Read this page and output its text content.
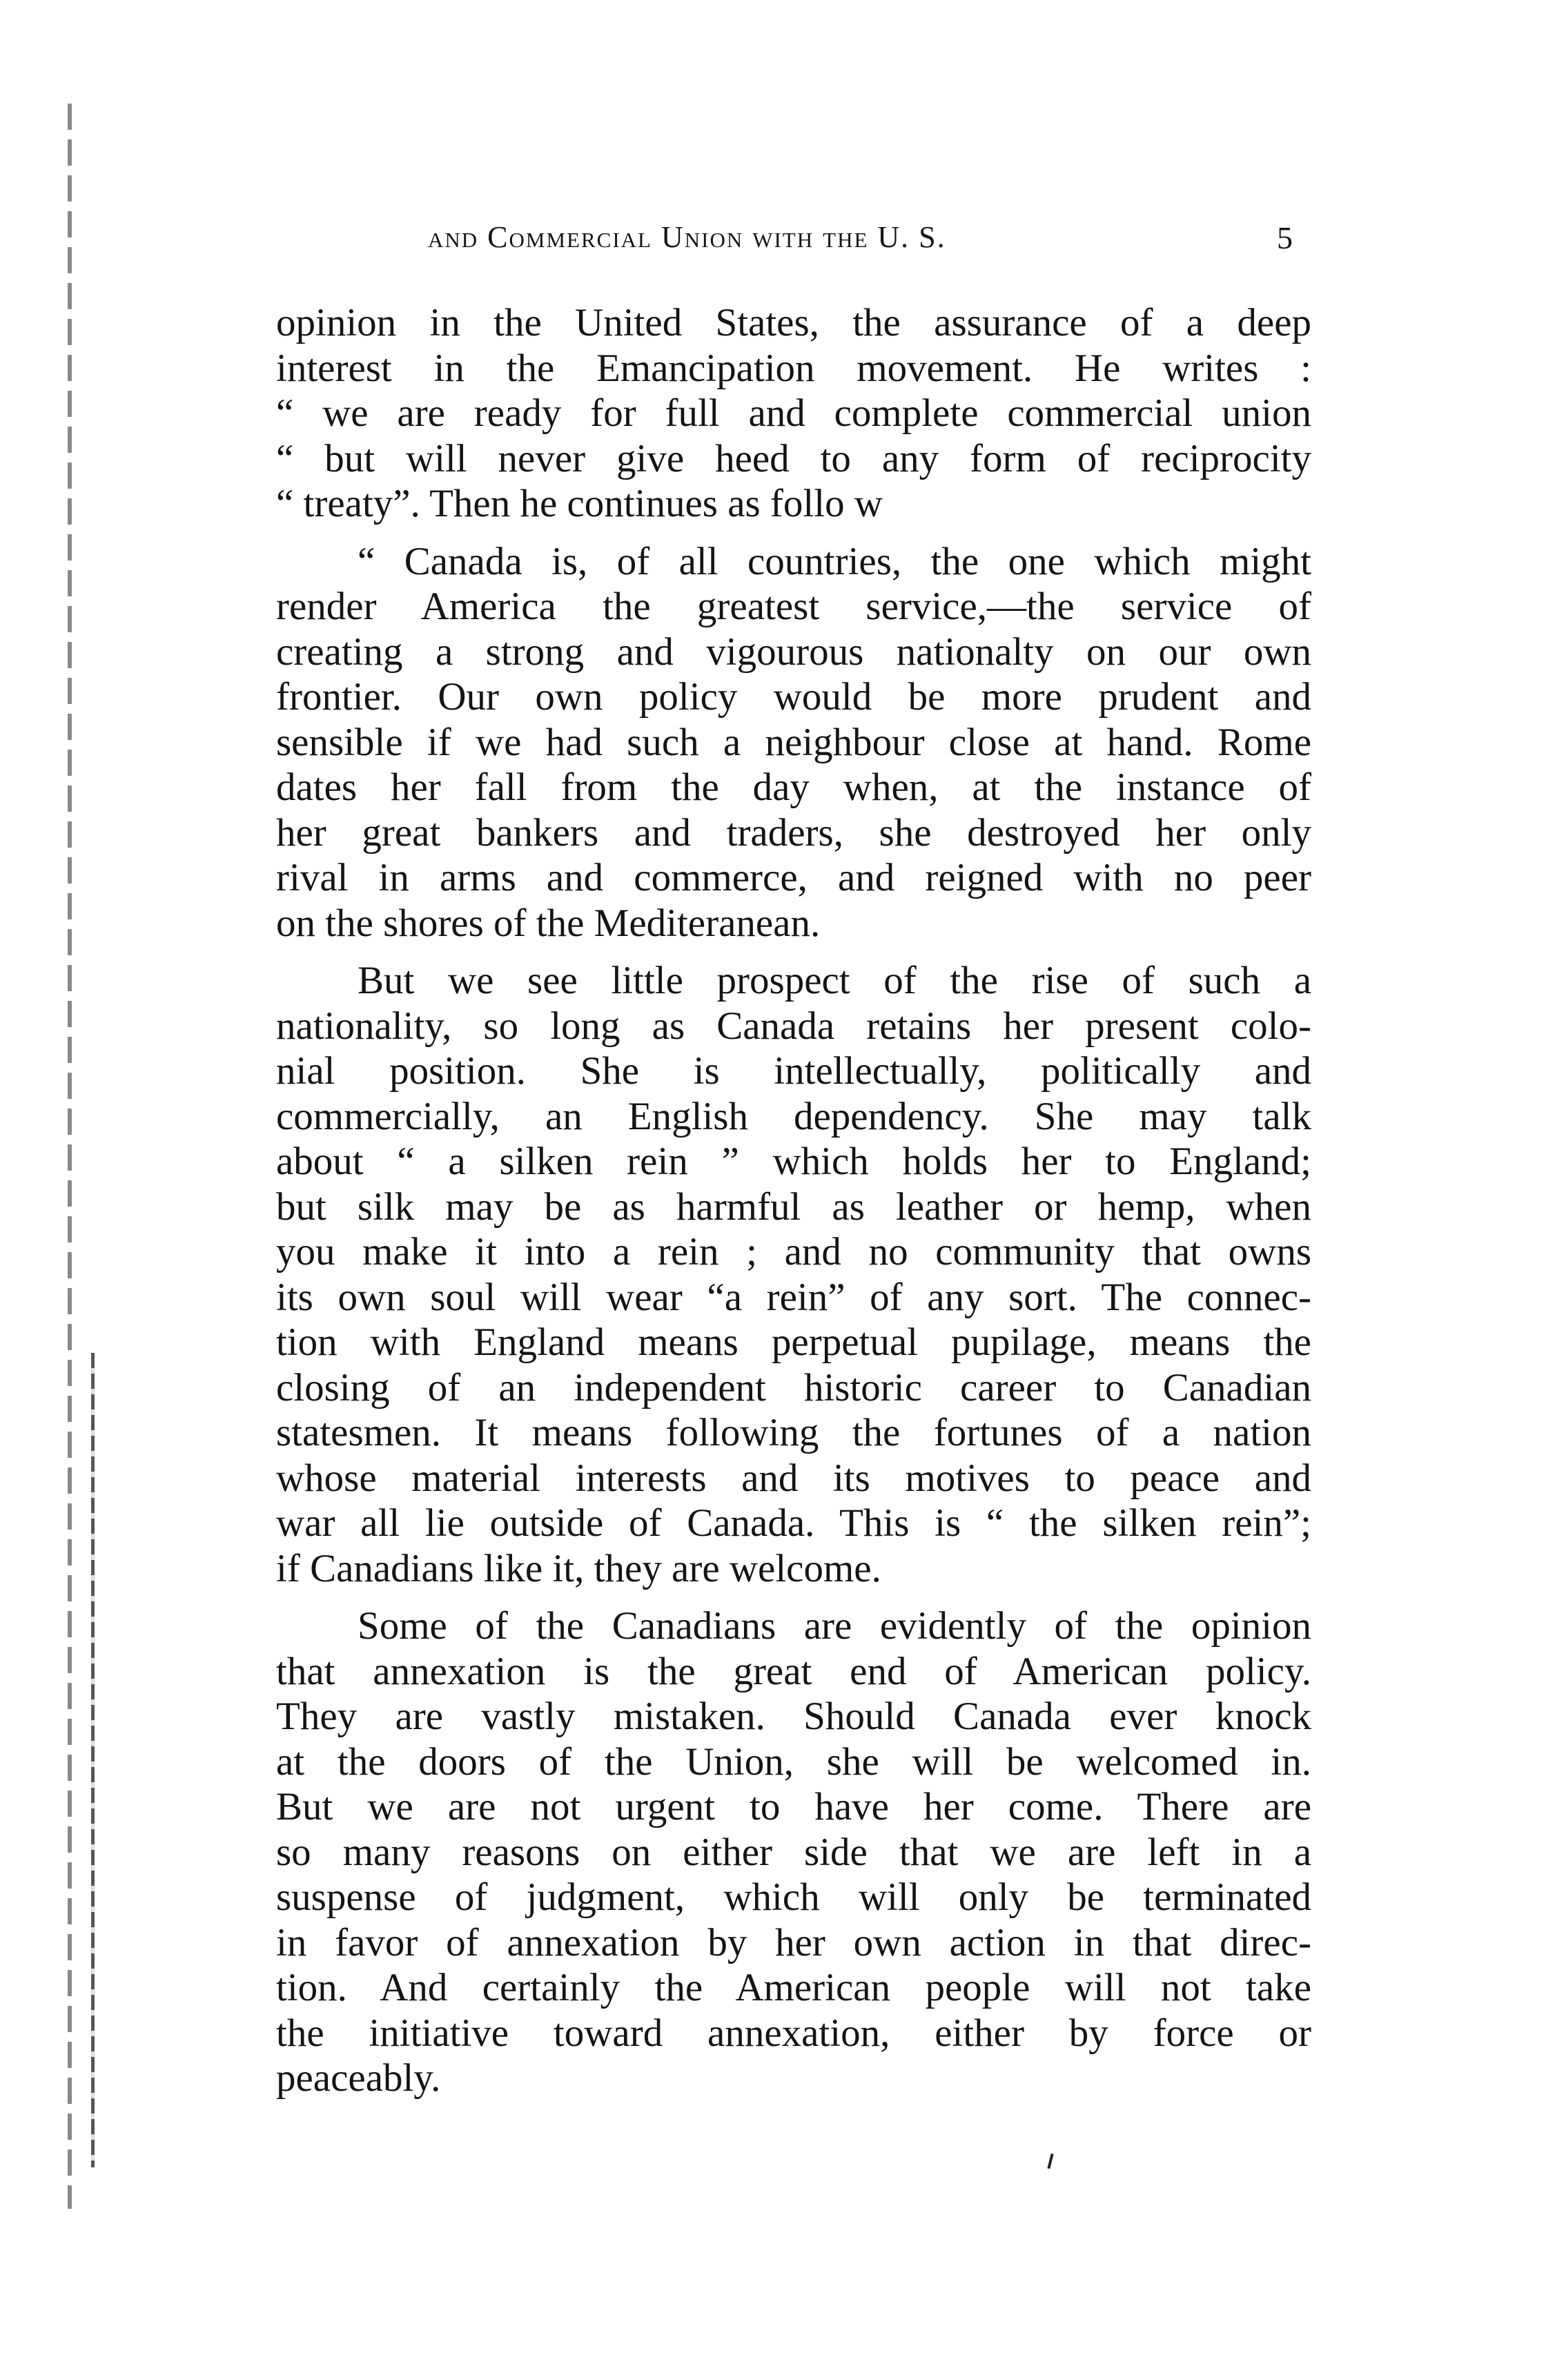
and Commercial Union with the U. S.	5

opinion in the United States, the assurance of a deep
interest in the Emancipation movement. He writes :
“ we are ready for full and complete commercial union
“ but will never give heed to any form of reciprocity
“ treaty”. Then he continues as follo w

“ Canada is, of all countries, the one which might
render America the greatest service,—the service of
creating a strong and vigourous nationalty on our own
frontier. Our own policy would be more prudent and
sensible if we had such a neighbour close at hand. Rome
dates her fall from the day when, at the instance of
her great bankers and traders, she destroyed her only
rival in arms and commerce, and reigned with no peer
on the shores of the Mediteranean.

But we see little prospect of the rise of such a
nationality, so long as Canada retains her present colo-
nial position. She is intellectually, politically and
commercially, an English dependency. She may talk
about “ a silken rein ” which holds her to England;
but silk may be as harmful as leather or hemp, when
you make it into a rein ; and no community that owns
its own soul will wear “a rein” of any sort. The connec-
tion with England means perpetual pupilage, means the
closing of an independent historic career to Canadian
statesmen. It means following the fortunes of a nation
whose material interests and its motives to peace and
war all lie outside of Canada. This is “ the silken rein”;
if Canadians like it, they are welcome.

Some of the Canadians are evidently of the opinion
that annexation is the great end of American policy.
They are vastly mistaken. Should Canada ever knock
at the doors of the Union, she will be welcomed in.
But we are not urgent to have her come. There are
so many reasons on either side that we are left in a
suspense of judgment, which will only be terminated
in favor of annexation by her own action in that direc-
tion. And certainly the American people will not take
the initiative toward annexation, either by force or
peaceably.
